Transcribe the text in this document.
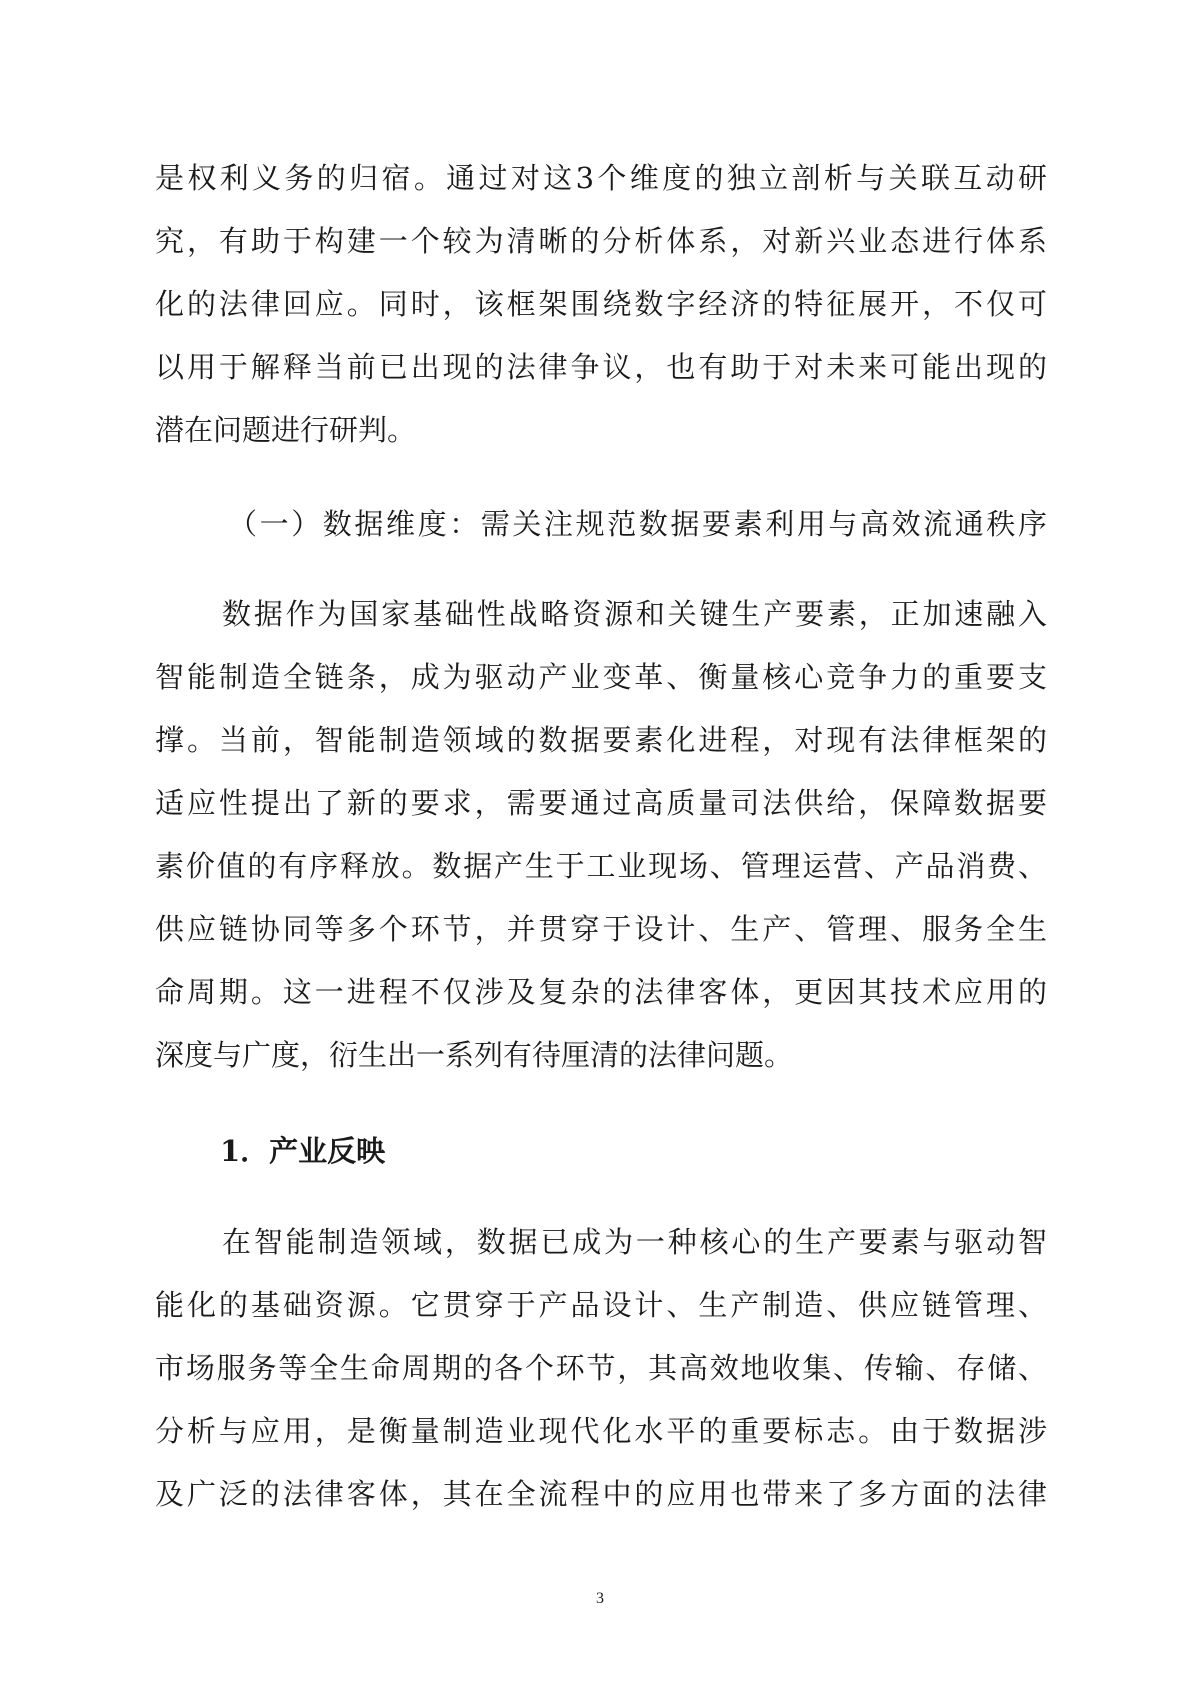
是权利义务的归宿。通过对这3个维度的独立剖析与关联互动研
究，有助于构建一个较为清晰的分析体系，对新兴业态进行体系
化的法律回应。同时，该框架围绕数字经济的特征展开，不仅可
以用于解释当前已出现的法律争议，也有助于对未来可能出现的
潜在问题进行研判。
（一）数据维度：需关注规范数据要素利用与高效流通秩序
数据作为国家基础性战略资源和关键生产要素，正加速融入
智能制造全链条，成为驱动产业变革、衡量核心竞争力的重要支
撑。当前，智能制造领域的数据要素化进程，对现有法律框架的
适应性提出了新的要求，需要通过高质量司法供给，保障数据要
素价值的有序释放。数据产生于工业现场、管理运营、产品消费、
供应链协同等多个环节，并贯穿于设计、生产、管理、服务全生
命周期。这一进程不仅涉及复杂的法律客体，更因其技术应用的
深度与广度，衍生出一系列有待厘清的法律问题。
1．产业反映
在智能制造领域，数据已成为一种核心的生产要素与驱动智
能化的基础资源。它贯穿于产品设计、生产制造、供应链管理、
市场服务等全生命周期的各个环节，其高效地收集、传输、存储、
分析与应用，是衡量制造业现代化水平的重要标志。由于数据涉
及广泛的法律客体，其在全流程中的应用也带来了多方面的法律
3
